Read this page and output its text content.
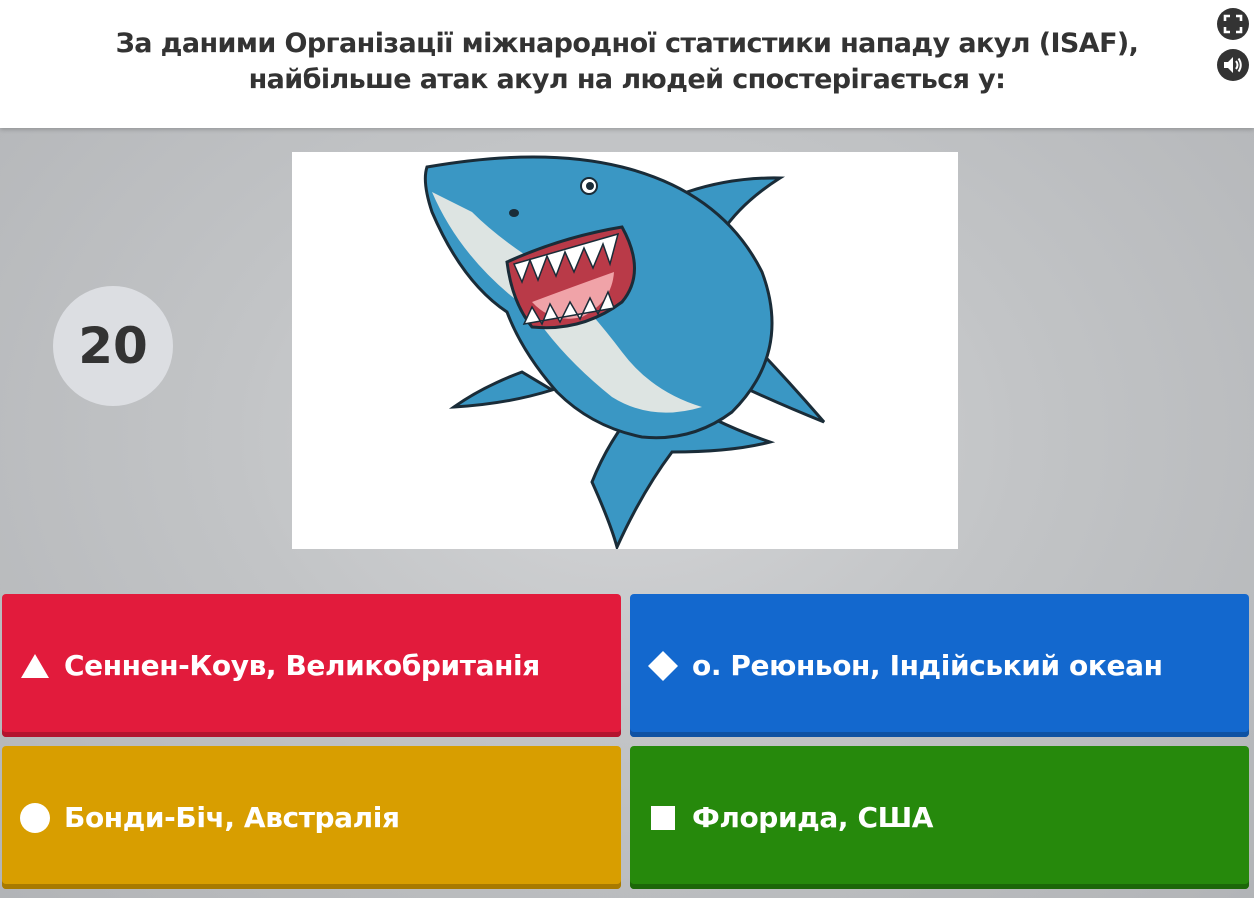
За даними Організації міжнародної статистики нападу акул (ISAF),
найбільше атак акул на людей спостерігається у:
20
Сеннен-Коув, Великобританія	о. Реюньон, Індійський океан
Бонди-Біч, Австралія	Флорида, США
